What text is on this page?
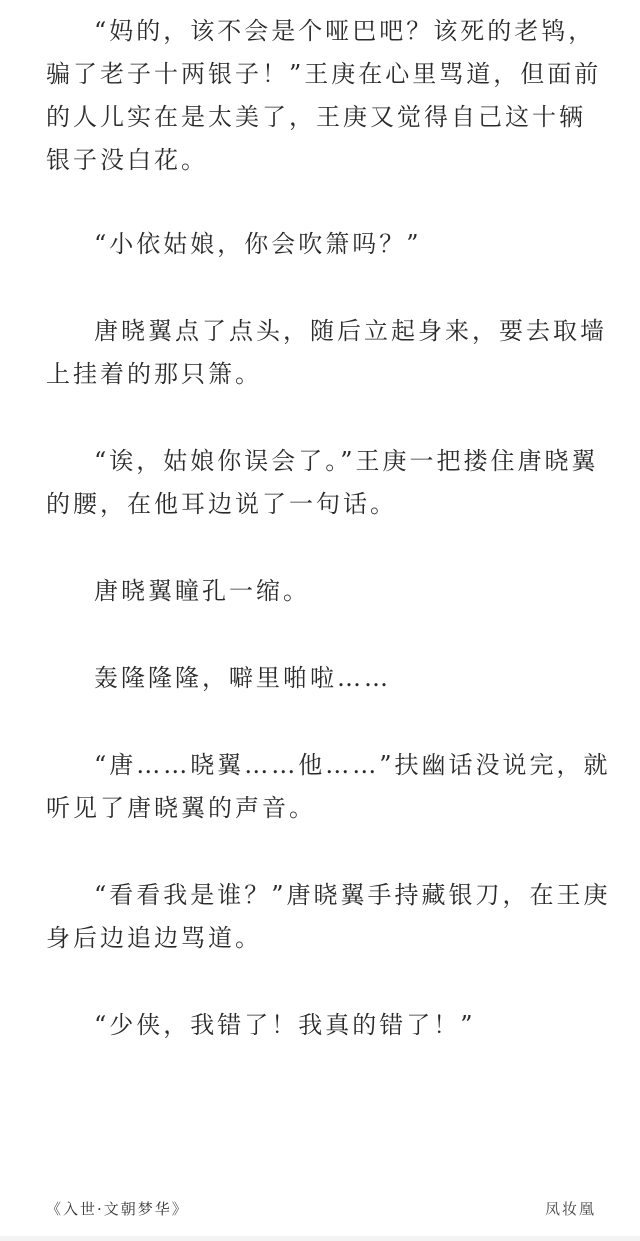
“妈的，该不会是个哑巴吧？该死的老鸨，骗了老子十两银子！”王庚在心里骂道，但面前的人儿实在是太美了，王庚又觉得自己这十辆银子没白花。

“小依姑娘，你会吹箫吗？”

唐晓翼点了点头，随后立起身来，要去取墙上挂着的那只箫。

“诶，姑娘你误会了。”王庚一把搂住唐晓翼的腰，在他耳边说了一句话。

唐晓翼瞳孔一缩。

轰隆隆隆，噼里啪啦……

“唐……晓翼……他……”扶幽话没说完，就听见了唐晓翼的声音。

“看看我是谁？”唐晓翼手持藏银刀，在王庚身后边追边骂道。

“少侠，我错了！我真的错了！”

《入世·文朝梦华》	凤妆凰
